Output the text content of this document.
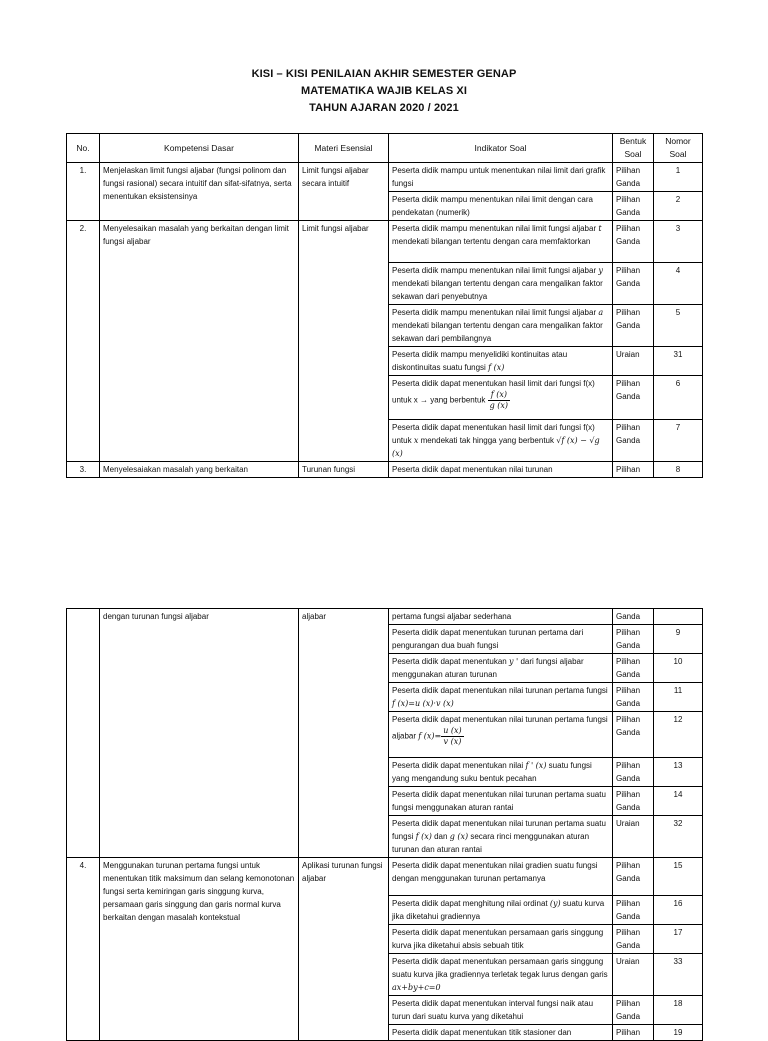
KISI – KISI PENILAIAN AKHIR SEMESTER GENAP
MATEMATIKA WAJIB KELAS XI
TAHUN AJARAN 2020 / 2021
No.	Kompetensi Dasar	Materi Esensial	Indikator Soal	Bentuk Soal	Nomor Soal
1.	Menjelaskan limit fungsi aljabar (fungsi polinom dan fungsi rasional) secara intuitif dan sifat-sifatnya, serta menentukan eksistensinya	Limit fungsi aljabar secara intuitif	Peserta didik mampu untuk menentukan nilai limit dari grafik fungsi	Pilihan Ganda	1
			Peserta didik mampu menentukan nilai limit dengan cara pendekatan (numerik)	Pilihan Ganda	2
2.	Menyelesaikan masalah yang berkaitan dengan limit fungsi aljabar	Limit fungsi aljabar	Peserta didik mampu menentukan nilai limit fungsi aljabar t mendekati bilangan tertentu dengan cara memfaktorkan	Pilihan Ganda	3
			Peserta didik mampu menentukan nilai limit fungsi aljabar y mendekati bilangan tertentu dengan cara mengalikan faktor sekawan dari penyebutnya	Pilihan Ganda	4
			Peserta didik mampu menentukan nilai limit fungsi aljabar a mendekati bilangan tertentu dengan cara mengalikan faktor sekawan dari pembilangnya	Pilihan Ganda	5
			Peserta didik mampu menyelidiki kontinuitas atau diskontinuitas suatu fungsi f (x)	Uraian	31
			Peserta didik dapat menentukan hasil limit dari fungsi f(x) untuk x → yang berbentuk $\frac{f (x)}{g (x)}$	Pilihan Ganda	6
			Peserta didik dapat menentukan hasil limit dari fungsi f(x) untuk x mendekati tak hingga yang berbentuk √f (x) − √g (x)	Pilihan Ganda	7
3.	Menyelesaiakan masalah yang berkaitan	Turunan fungsi	Peserta didik dapat menentukan nilai turunan	Pilihan	8
	dengan turunan fungsi aljabar	aljabar	pertama fungsi aljabar sederhana	Ganda	
			Peserta didik dapat menentukan turunan pertama dari pengurangan dua buah fungsi	Pilihan Ganda	9
			Peserta didik dapat menentukan y ' dari fungsi aljabar menggunakan aturan turunan	Pilihan Ganda	10
			Peserta didik dapat menentukan nilai turunan pertama fungsi f (x)=u (x)·v (x)	Pilihan Ganda	11
			Peserta didik dapat menentukan nilai turunan pertama fungsi aljabar f $(x)= \frac{u (x)}{v (x)}$	Pilihan Ganda	12
			Peserta didik dapat menentukan nilai f ' (x) suatu fungsi yang mengandung suku bentuk pecahan	Pilihan Ganda	13
			Peserta didik dapat menentukan nilai turunan pertama suatu fungsi menggunakan aturan rantai	Pilihan Ganda	14
			Peserta didik dapat menentukan nilai turunan pertama suatu fungsi f (x) dan g (x) secara rinci menggunakan aturan turunan dan aturan rantai	Uraian	32
4.	Menggunakan turunan pertama fungsi untuk menentukan titik maksimum dan selang kemonotonan fungsi serta kemiringan garis singgung kurva, persamaan garis singgung dan garis normal kurva berkaitan dengan masalah kontekstual	Aplikasi turunan fungsi aljabar	Peserta didik dapat menentukan nilai gradien suatu fungsi dengan menggunakan turunan pertamanya	Pilihan Ganda	15
			Peserta didik dapat menghitung nilai ordinat (y) suatu kurva jika diketahui gradiennya	Pilihan Ganda	16
			Peserta didik dapat menentukan persamaan garis singgung kurva jika diketahui absis sebuah titik	Pilihan Ganda	17
			Peserta didik dapat menentukan persamaan garis singgung suatu kurva jika gradiennya terletak tegak lurus dengan garis ax+by+c=0	Uraian	33
			Peserta didik dapat menentukan interval fungsi naik atau turun dari suatu kurva yang diketahui	Pilihan Ganda	18
			Peserta didik dapat menentukan titik stasioner dan	Pilihan	19
